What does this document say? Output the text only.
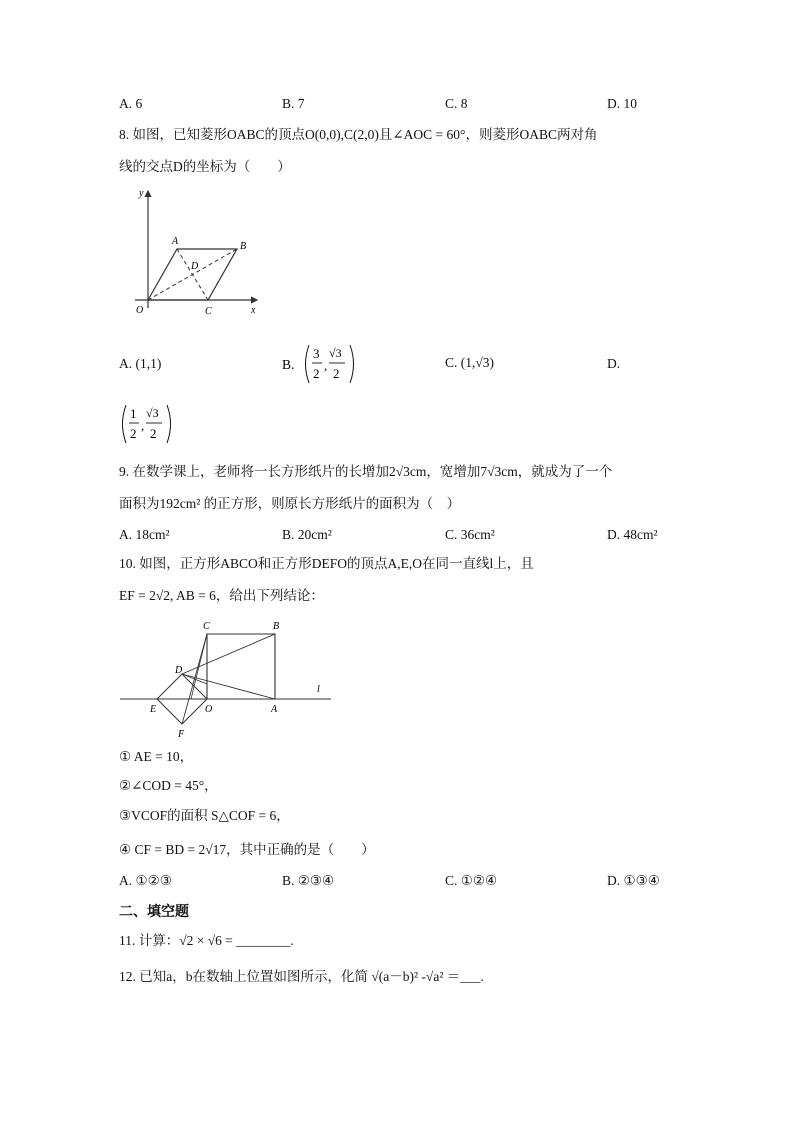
A. 6	B. 7	C. 8	D. 10
8. 如图，已知菱形OABC的顶点O(0,0),C(2,0)且∠AOC = 60°，则菱形OABC两对角
线的交点D的坐标为（　　）
y
x
A	B
C
D
O
A. (1,1)	B.
3
2
,
√3
2
C. (1,√3)	D.
1
2
,
√3
2
9. 在数学课上，老师将一长方形纸片的长增加2√3cm，宽增加7√3cm，就成为了一个
面积为192cm² 的正方形，则原长方形纸片的面积为（　）
A. 18cm²	B. 20cm²	C. 36cm²	D. 48cm²
10. 如图，正方形ABCO和正方形DEFO的顶点A,E,O在同一直线l上，且
EF = 2√2, AB = 6，给出下列结论：
C	B
D
l
E	O	A
F
① AE = 10，
②∠COD = 45°，
③VCOF的面积 S△COF = 6，
④ CF = BD = 2√17，其中正确的是（　　）
A. ①②③	B. ②③④	C. ①②④	D. ①③④
二、填空题
11. 计算：√2 × √6 = ________.
12. 已知a，b在数轴上位置如图所示，化简 √(a－b)² -√a² ＝___.
